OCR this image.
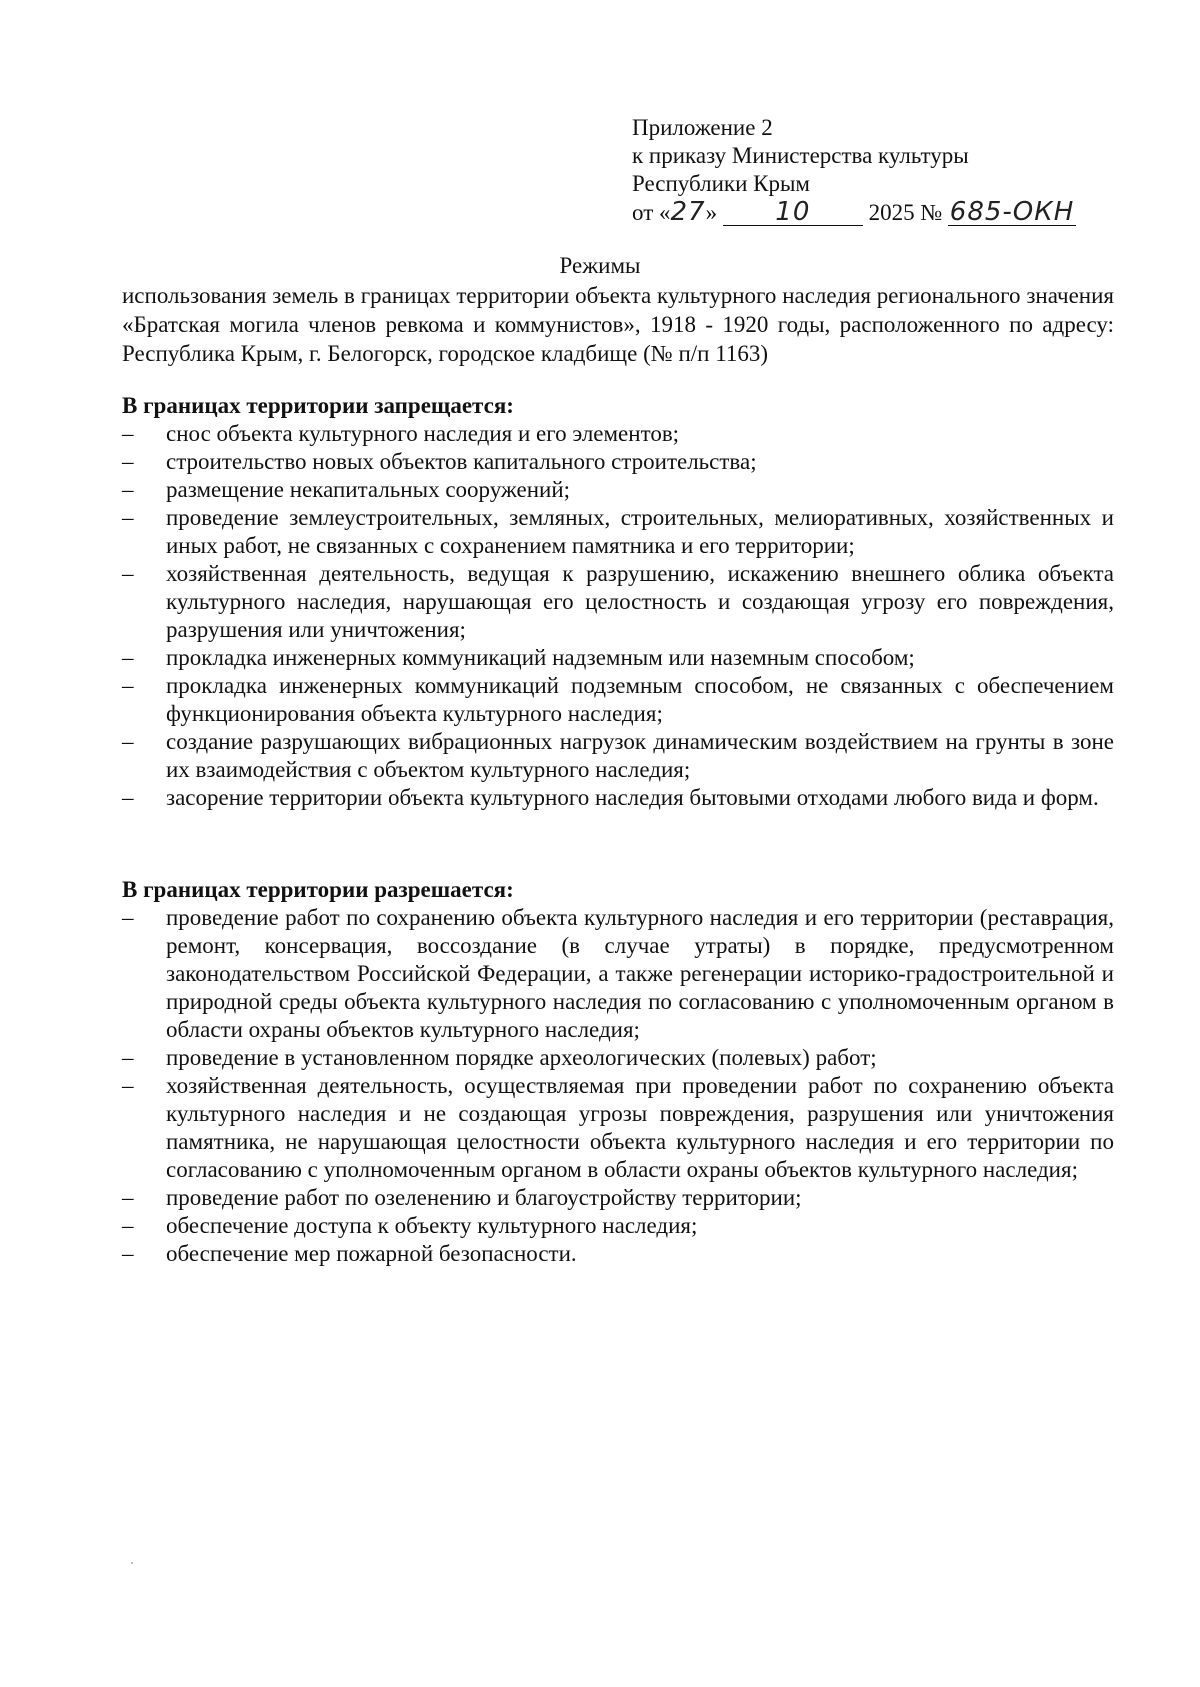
Приложение 2
к приказу Министерства культуры
Республики Крым
от «27» 10	2025 № 685-ОКН
Режимы
использования земель в границах территории объекта культурного наследия регионального значения «Братская могила членов ревкома и коммунистов», 1918 - 1920 годы, расположенного по адресу: Республика Крым, г. Белогорск, городское кладбище (№ п/п 1163)
В границах территории запрещается:
– снос объекта культурного наследия и его элементов;
– строительство новых объектов капитального строительства;
– размещение некапитальных сооружений;
– проведение землеустроительных, земляных, строительных, мелиоративных, хозяйственных и иных работ, не связанных с сохранением памятника и его территории;
– хозяйственная деятельность, ведущая к разрушению, искажению внешнего облика объекта культурного наследия, нарушающая его целостность и создающая угрозу его повреждения, разрушения или уничтожения;
– прокладка инженерных коммуникаций надземным или наземным способом;
– прокладка инженерных коммуникаций подземным способом, не связанных с обеспечением функционирования объекта культурного наследия;
– создание разрушающих вибрационных нагрузок динамическим воздействием на грунты в зоне их взаимодействия с объектом культурного наследия;
– засорение территории объекта культурного наследия бытовыми отходами любого вида и форм.
В границах территории разрешается:
– проведение работ по сохранению объекта культурного наследия и его территории (реставрация, ремонт, консервация, воссоздание (в случае утраты) в порядке, предусмотренном законодательством Российской Федерации, а также регенерации историко-градостроительной и природной среды объекта культурного наследия по согласованию с уполномоченным органом в области охраны объектов культурного наследия;
– проведение в установленном порядке археологических (полевых) работ;
– хозяйственная деятельность, осуществляемая при проведении работ по сохранению объекта культурного наследия и не создающая угрозы повреждения, разрушения или уничтожения памятника, не нарушающая целостности объекта культурного наследия и его территории по согласованию с уполномоченным органом в области охраны объектов культурного наследия;
– проведение работ по озеленению и благоустройству территории;
– обеспечение доступа к объекту культурного наследия;
– обеспечение мер пожарной безопасности.
